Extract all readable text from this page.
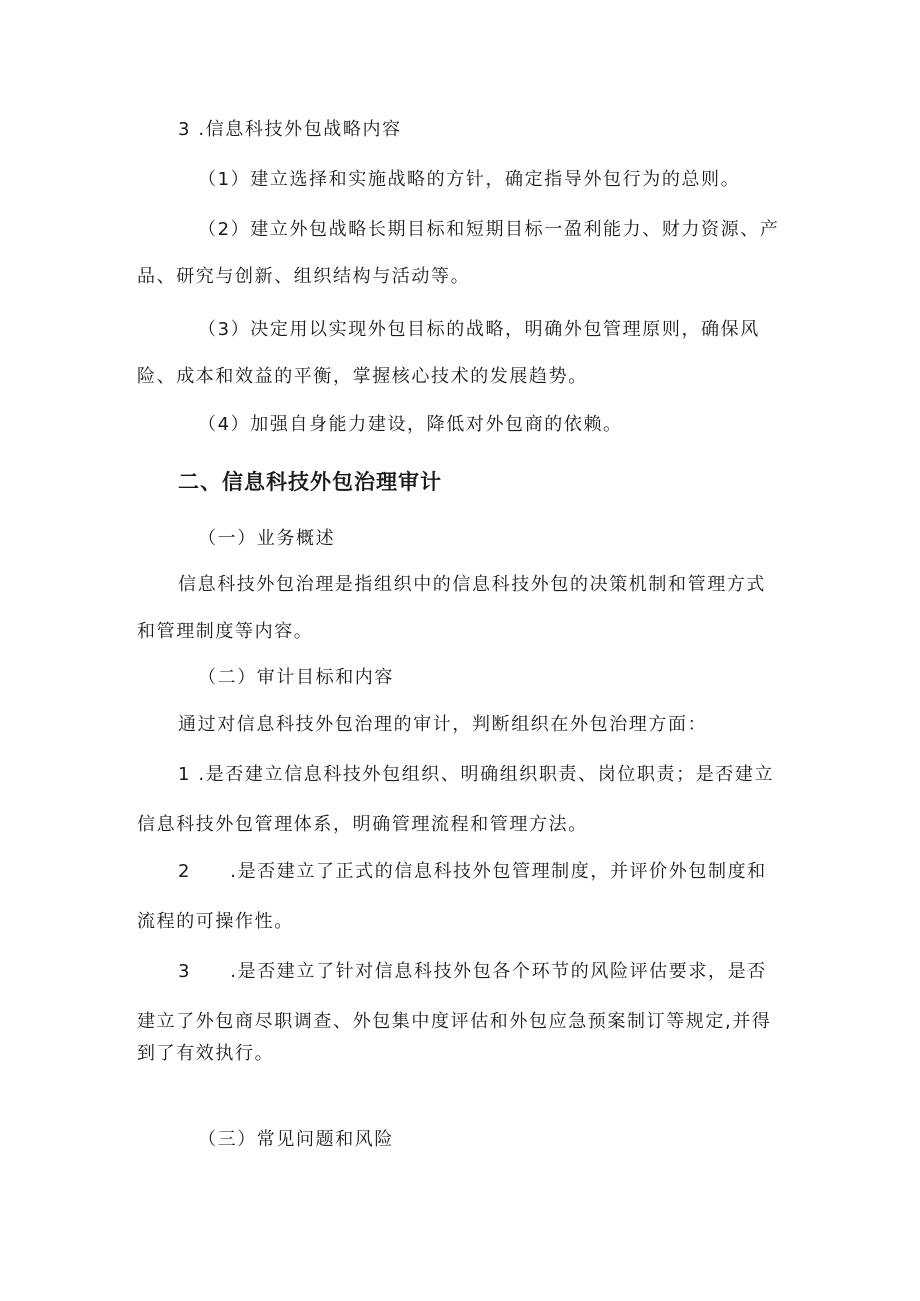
3 .信息科技外包战略内容
（1）建立选择和实施战略的方针，确定指导外包行为的总则。
（2）建立外包战略长期目标和短期目标一盈利能力、财力资源、产
品、研究与创新、组织结构与活动等。
（3）决定用以实现外包目标的战略，明确外包管理原则，确保风
险、成本和效益的平衡，掌握核心技术的发展趋势。
（4）加强自身能力建设，降低对外包商的依赖。
二、信息科技外包治理审计
（一）业务概述
信息科技外包治理是指组织中的信息科技外包的决策机制和管理方式
和管理制度等内容。
（二）审计目标和内容
通过对信息科技外包治理的审计，判断组织在外包治理方面：
1 .是否建立信息科技外包组织、明确组织职责、岗位职责；是否建立
信息科技外包管理体系，明确管理流程和管理方法。
2　　.是否建立了正式的信息科技外包管理制度，并评价外包制度和
流程的可操作性。
3　　.是否建立了针对信息科技外包各个环节的风险评估要求，是否
建立了外包商尽职调查、外包集中度评估和外包应急预案制订等规定,并得
到了有效执行。
（三）常见问题和风险
